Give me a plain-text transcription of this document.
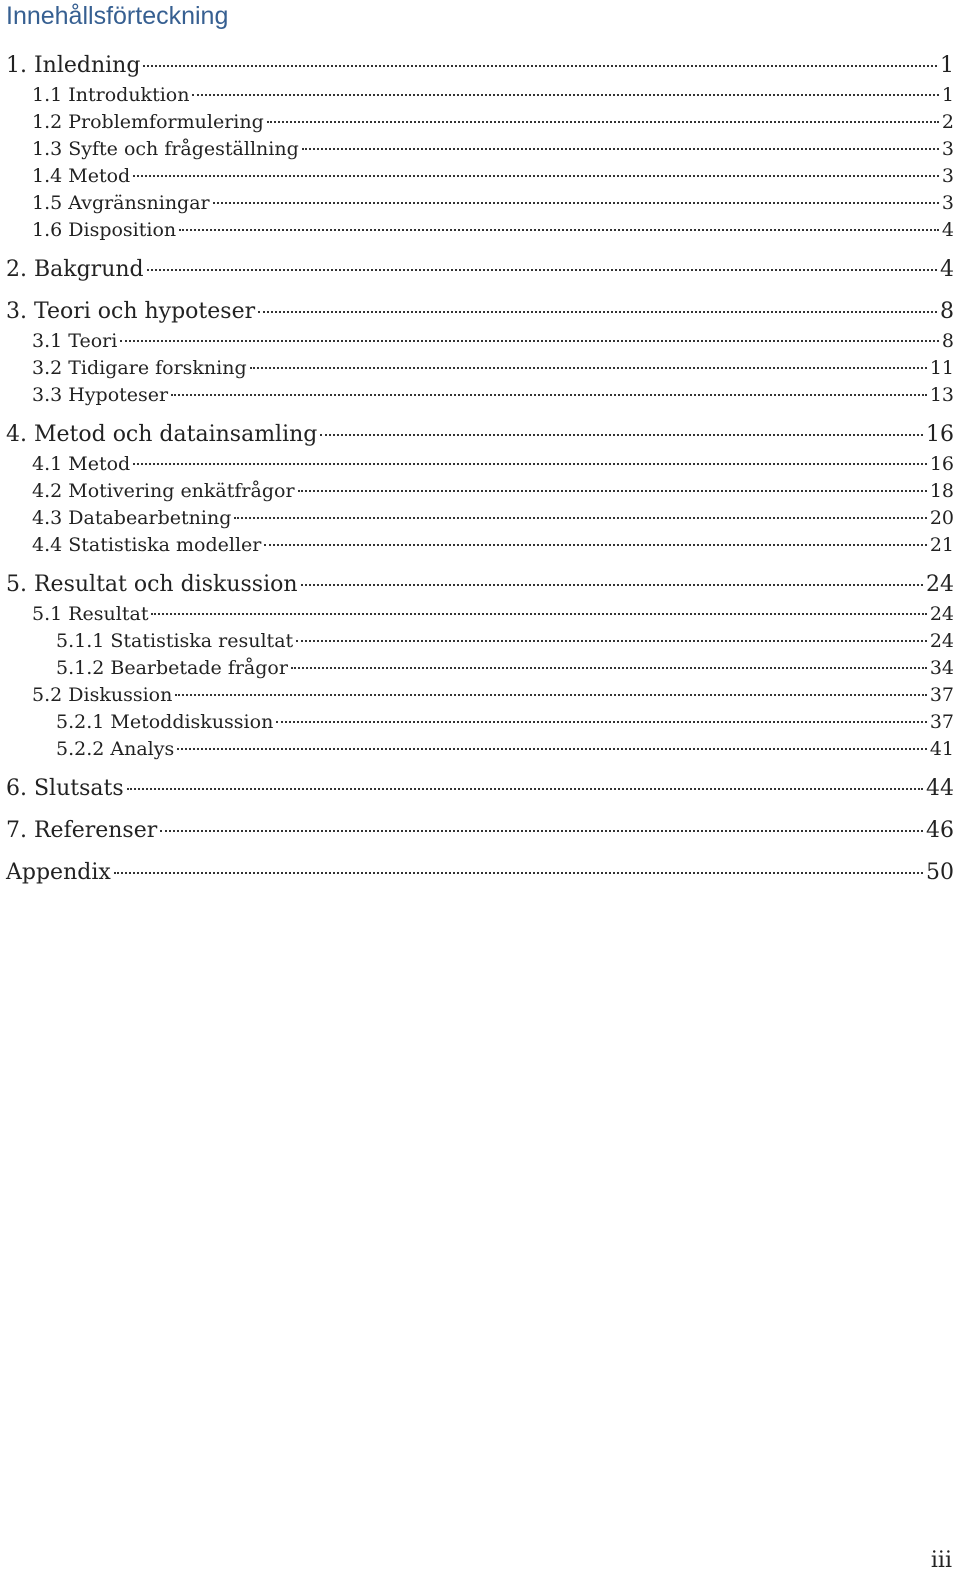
Innehållsförteckning
1. Inledning	1
1.1 Introduktion	1
1.2 Problemformulering	2
1.3 Syfte och frågeställning	3
1.4 Metod	3
1.5 Avgränsningar	3
1.6 Disposition	4
2. Bakgrund	4
3. Teori och hypoteser	8
3.1 Teori	8
3.2 Tidigare forskning	11
3.3 Hypoteser	13
4. Metod och datainsamling	16
4.1 Metod	16
4.2 Motivering enkätfrågor	18
4.3 Databearbetning	20
4.4 Statistiska modeller	21
5. Resultat och diskussion	24
5.1 Resultat	24
5.1.1 Statistiska resultat	24
5.1.2 Bearbetade frågor	34
5.2 Diskussion	37
5.2.1 Metoddiskussion	37
5.2.2 Analys	41
6. Slutsats	44
7. Referenser	46
Appendix	50
iii
